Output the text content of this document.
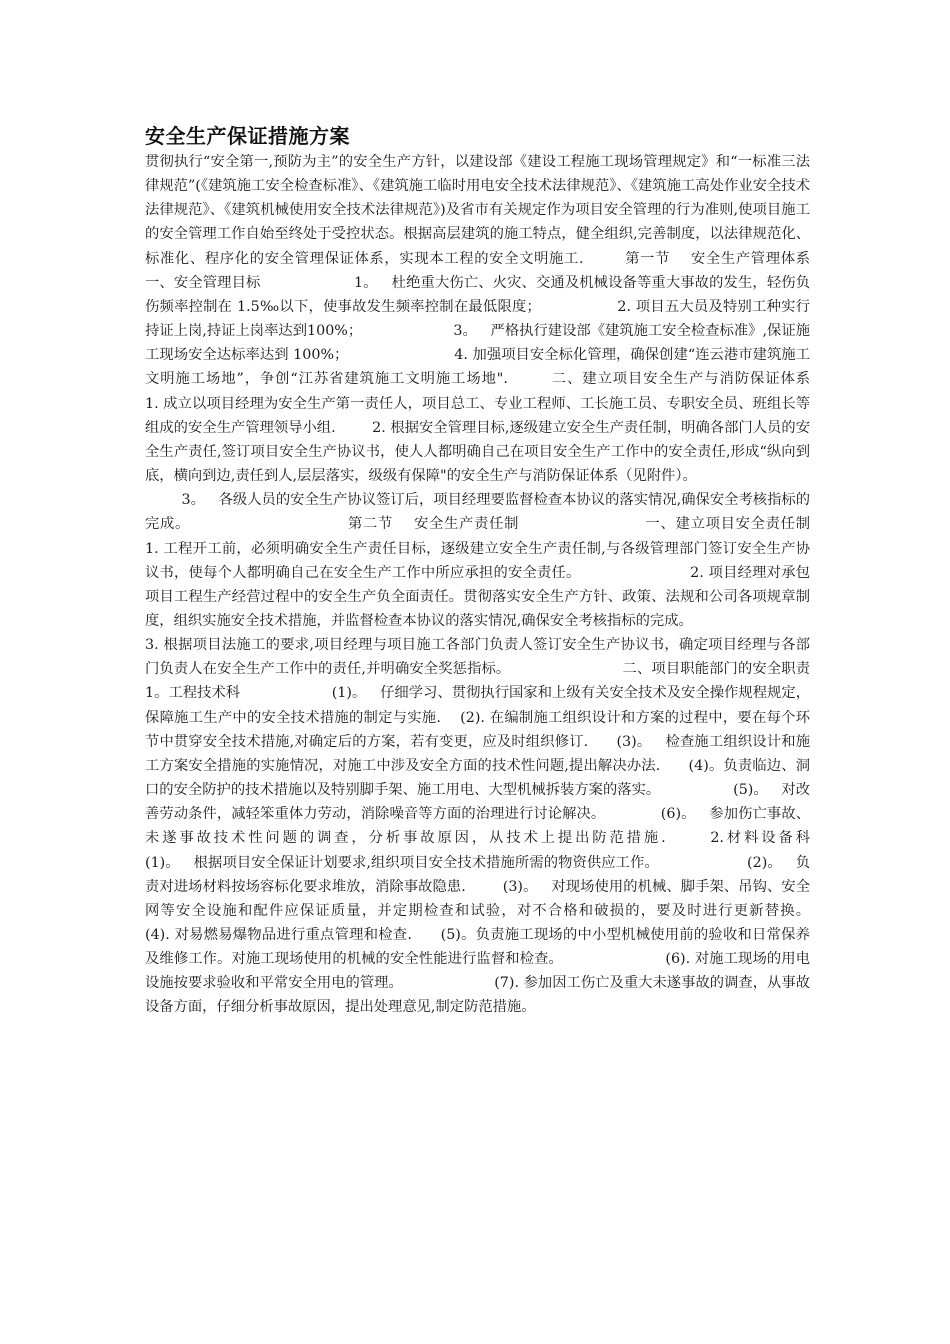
安全生产保证措施方案

贯彻执行“安全第一,预防为主”的安全生产方针，以建设部《建设工程施工现场管理规定》和“一标准三法律规范”(《建筑施工安全检查标准》、《建筑施工临时用电安全技术法律规范》、《建筑施工高处作业安全技术法律规范》、《建筑机械使用安全技术法律规范》)及省市有关规定作为项目安全管理的行为准则,使项目施工的安全管理工作自始至终处于受控状态。根据高层建筑的施工特点，健全组织,完善制度，以法律规范化、标准化、程序化的安全管理保证体系，实现本工程的安全文明施工.        第一节    安全生产管理体系                    一、安全管理目标                    1。   杜绝重大伤亡、火灾、交通及机械设备等重大事故的发生，轻伤负伤频率控制在 1.5‰以下，使事故发生频率控制在最低限度；                2. 项目五大员及特别工种实行持证上岗,持证上岗率达到100%；                    3。   严格执行建设部《建筑施工安全检查标准》,保证施工现场安全达标率达到 100%；                       4. 加强项目安全标化管理，确保创建“连云港市建筑施工文明施工场地”，争创“江苏省建筑施工文明施工场地".        二、建立项目安全生产与消防保证体系                       1. 成立以项目经理为安全生产第一责任人，项目总工、专业工程师、工长施工员、专职安全员、班组长等组成的安全生产管理领导小组.        2. 根据安全管理目标,逐级建立安全生产责任制，明确各部门人员的安全生产责任,签订项目安全生产协议书，使人人都明确自己在项目安全生产工作中的安全责任,形成“纵向到底，横向到边,责任到人,层层落实，级级有保障"的安全生产与消防保证体系（见附件）。

3。   各级人员的安全生产协议签订后，项目经理要监督检查本协议的落实情况,确保安全考核指标的完成。                              第二节    安全生产责任制                        一、建立项目安全责任制                       1. 工程开工前，必须明确安全生产责任目标，逐级建立安全生产责任制,与各级管理部门签订安全生产协议书，使每个人都明确自己在安全生产工作中所应承担的安全责任。                       2. 项目经理对承包项目工程生产经营过程中的安全生产负全面责任。贯彻落实安全生产方针、政策、法规和公司各项规章制度，组织实施安全技术措施，并监督检查本协议的落实情况,确保安全考核指标的完成。

3. 根据项目法施工的要求,项目经理与项目施工各部门负责人签订安全生产协议书，确定项目经理与各部门负责人在安全生产工作中的责任,并明确安全奖惩指标。                        二、项目职能部门的安全职责                        1。工程技术科                    (1)。   仔细学习、贯彻执行国家和上级有关安全技术及安全操作规程规定，保障施工生产中的安全技术措施的制定与实施.    (2). 在编制施工组织设计和方案的过程中，要在每个环节中贯穿安全技术措施,对确定后的方案，若有变更，应及时组织修订.      (3)。   检查施工组织设计和施工方案安全措施的实施情况，对施工中涉及安全方面的技术性问题,提出解决办法.      (4)。负责临边、洞口的安全防护的技术措施以及特别脚手架、施工用电、大型机械拆装方案的落实。                (5)。   对改善劳动条件，减轻笨重体力劳动，消除噪音等方面的治理进行讨论解决。            (6)。   参加伤亡事故、未遂事故技术性问题的调查，分析事故原因，从技术上提出防范措施.      2.材料设备科                     (1)。   根据项目安全保证计划要求,组织项目安全技术措施所需的物资供应工作。                   (2)。   负责对进场材料按场容标化要求堆放，消除事故隐患.        (3)。   对现场使用的机械、脚手架、吊钩、安全网等安全设施和配件应保证质量，并定期检查和试验，对不合格和破损的，要及时进行更新替换。                    (4). 对易燃易爆物品进行重点管理和检查.      (5)。负责施工现场的中小型机械使用前的验收和日常保养及维修工作。对施工现场使用的机械的安全性能进行监督和检查。                      (6). 对施工现场的用电设施按要求验收和平常安全用电的管理。                    (7). 参加因工伤亡及重大未遂事故的调查，从事故设备方面，仔细分析事故原因，提出处理意见,制定防范措施。
